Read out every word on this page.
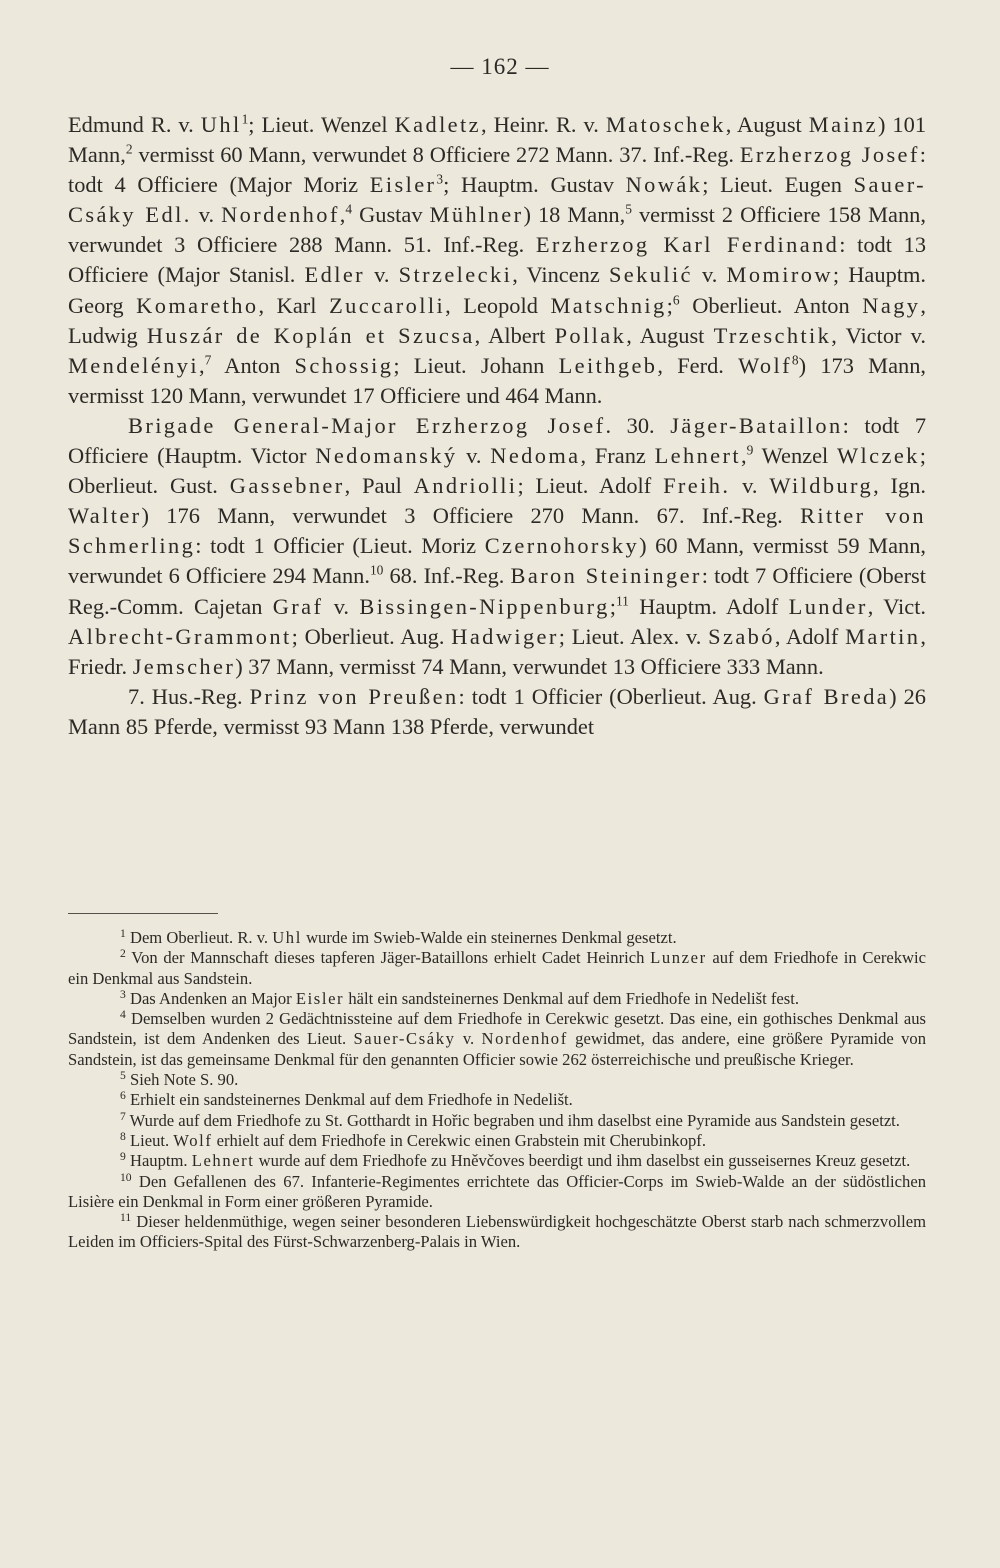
— 162 —

Edmund R. v. Uhl$^1$; Lieut. Wenzel Kadletz, Heinr. R. v. Matoschek, August Mainz) 101 Mann,$^2$ vermisst 60 Mann, verwundet 8 Officiere 272 Mann. 37. Inf.-Reg. Erzherzog Josef: todt 4 Officiere (Major Moriz Eisler$^3$; Hauptm. Gustav Nowák; Lieut. Eugen Sauer-Csáky Edl. v. Nordenhof,$^4$ Gustav Mühlner) 18 Mann,$^5$ vermisst 2 Officiere 158 Mann, verwundet 3 Officiere 288 Mann. 51. Inf.-Reg. Erzherzog Karl Ferdinand: todt 13 Officiere (Major Stanisl. Edler v. Strzelecki, Vincenz Sekulić v. Momirow; Hauptm. Georg Komaretho, Karl Zuccarolli, Leopold Matschnig;$^6$ Oberlieut. Anton Nagy, Ludwig Huszár de Koplán et Szucsa, Albert Pollak, August Trzeschtik, Victor v. Mendelényi,$^7$ Anton Schossig; Lieut. Johann Leithgeb, Ferd. Wolf$^8$) 173 Mann, vermisst 120 Mann, verwundet 17 Officiere und 464 Mann.

Brigade General-Major Erzherzog Josef. 30. Jäger-Bataillon: todt 7 Officiere (Hauptm. Victor Nedomanský v. Nedoma, Franz Lehnert,$^9$ Wenzel Wlczek; Oberlieut. Gust. Gassebner, Paul Andriolli; Lieut. Adolf Freih. v. Wildburg, Ign. Walter) 176 Mann, verwundet 3 Officiere 270 Mann. 67. Inf.-Reg. Ritter von Schmerling: todt 1 Officier (Lieut. Moriz Czernohorsky) 60 Mann, vermisst 59 Mann, verwundet 6 Officiere 294 Mann.$^{10}$ 68. Inf.-Reg. Baron Steininger: todt 7 Officiere (Oberst Reg.-Comm. Cajetan Graf v. Bissingen-Nippenburg;$^{11}$ Hauptm. Adolf Lunder, Vict. Albrecht-Grammont; Oberlieut. Aug. Hadwiger; Lieut. Alex. v. Szabó, Adolf Martin, Friedr. Jemscher) 37 Mann, vermisst 74 Mann, verwundet 13 Officiere 333 Mann.

7. Hus.-Reg. Prinz von Preußen: todt 1 Officier (Oberlieut. Aug. Graf Breda) 26 Mann 85 Pferde, vermisst 93 Mann 138 Pferde, verwundet

$^1$ Dem Oberlieut. R. v. Uhl wurde im Swieb-Walde ein steinernes Denkmal gesetzt.

$^2$ Von der Mannschaft dieses tapferen Jäger-Bataillons erhielt Cadet Heinrich Lunzer auf dem Friedhofe in Cerekwic ein Denkmal aus Sandstein.

$^3$ Das Andenken an Major Eisler hält ein sandsteinernes Denkmal auf dem Friedhofe in Nedelišt fest.

$^4$ Demselben wurden 2 Gedächtnissteine auf dem Friedhofe in Cerekwic gesetzt. Das eine, ein gothisches Denkmal aus Sandstein, ist dem Andenken des Lieut. Sauer-Csáky v. Nordenhof gewidmet, das andere, eine größere Pyramide von Sandstein, ist das gemeinsame Denkmal für den genannten Officier sowie 262 österreichische und preußische Krieger.

$^5$ Sieh Note S. 90.

$^6$ Erhielt ein sandsteinernes Denkmal auf dem Friedhofe in Nedelišt.

$^7$ Wurde auf dem Friedhofe zu St. Gotthardt in Hořic begraben und ihm daselbst eine Pyramide aus Sandstein gesetzt.

$^8$ Lieut. Wolf erhielt auf dem Friedhofe in Cerekwic einen Grabstein mit Cherubinkopf.

$^9$ Hauptm. Lehnert wurde auf dem Friedhofe zu Hněvčoves beerdigt und ihm daselbst ein gusseisernes Kreuz gesetzt.

$^{10}$ Den Gefallenen des 67. Infanterie-Regimentes errichtete das Officier-Corps im Swieb-Walde an der südöstlichen Lisière ein Denkmal in Form einer größeren Pyramide.

$^{11}$ Dieser heldenmüthige, wegen seiner besonderen Liebenswürdigkeit hochgeschätzte Oberst starb nach schmerzvollem Leiden im Officiers-Spital des Fürst-Schwarzenberg-Palais in Wien.
